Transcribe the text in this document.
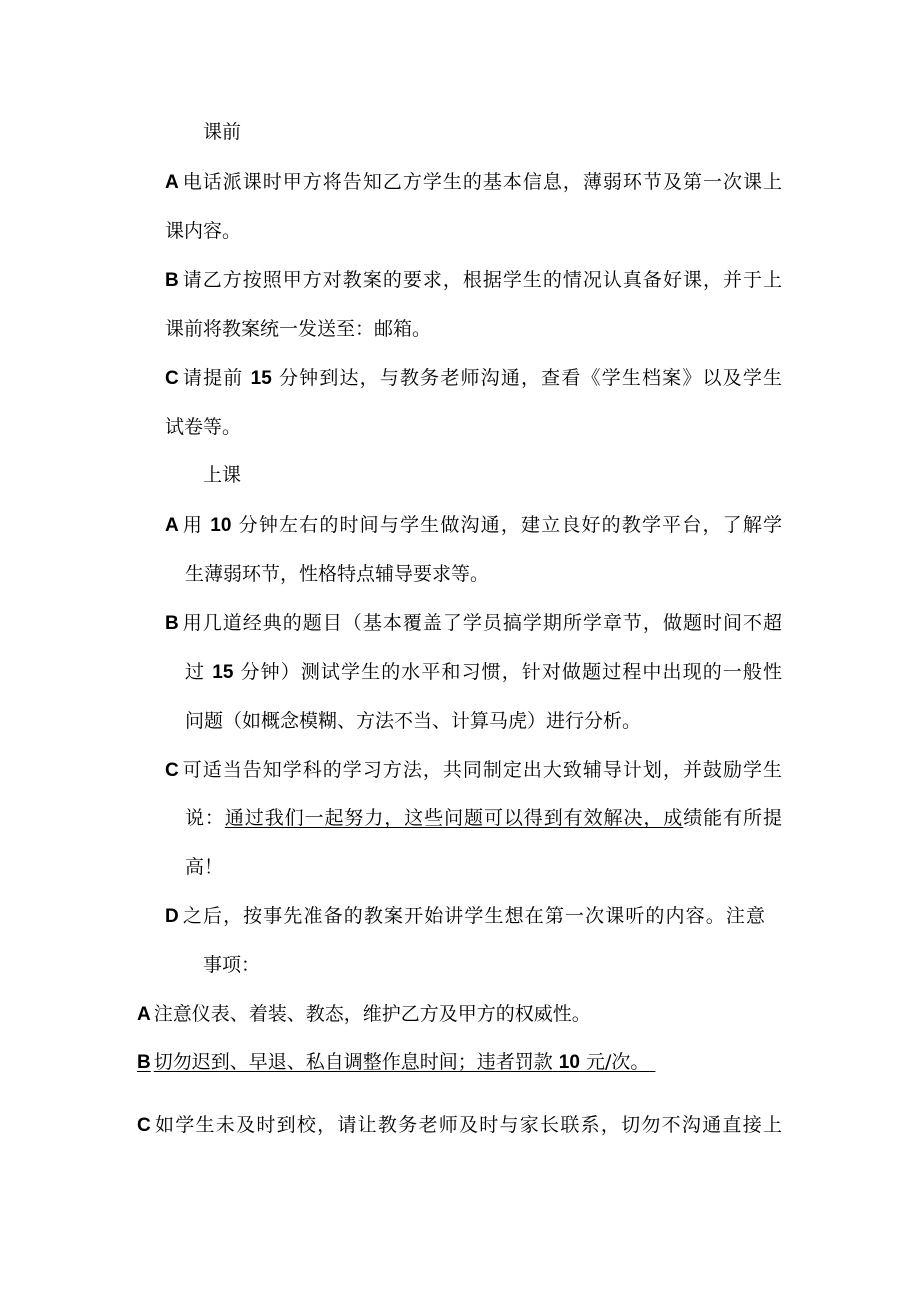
课前
A 电话派课时甲方将告知乙方学生的基本信息，薄弱环节及第一次课上
课内容。
B 请乙方按照甲方对教案的要求，根据学生的情况认真备好课，并于上
课前将教案统一发送至：邮箱。
C 请提前 15 分钟到达，与教务老师沟通，查看《学生档案》以及学生
试卷等。
上课
A 用 10 分钟左右的时间与学生做沟通，建立良好的教学平台，了解学
生薄弱环节，性格特点辅导要求等。
B 用几道经典的题目（基本覆盖了学员搞学期所学章节，做题时间不超
过 15 分钟）测试学生的水平和习惯，针对做题过程中出现的一般性
问题（如概念模糊、方法不当、计算马虎）进行分析。
C 可适当告知学科的学习方法，共同制定出大致辅导计划，并鼓励学生
说：通过我们一起努力，这些问题可以得到有效解决，成绩能有所提
高！
D 之后，按事先准备的教案开始讲学生想在第一次课听的内容。注意
事项：
A 注意仪表、着装、教态，维护乙方及甲方的权威性。
B 切勿迟到、早退、私自调整作息时间；违者罚款 10 元/次。
C 如学生未及时到校，请让教务老师及时与家长联系，切勿不沟通直接上
